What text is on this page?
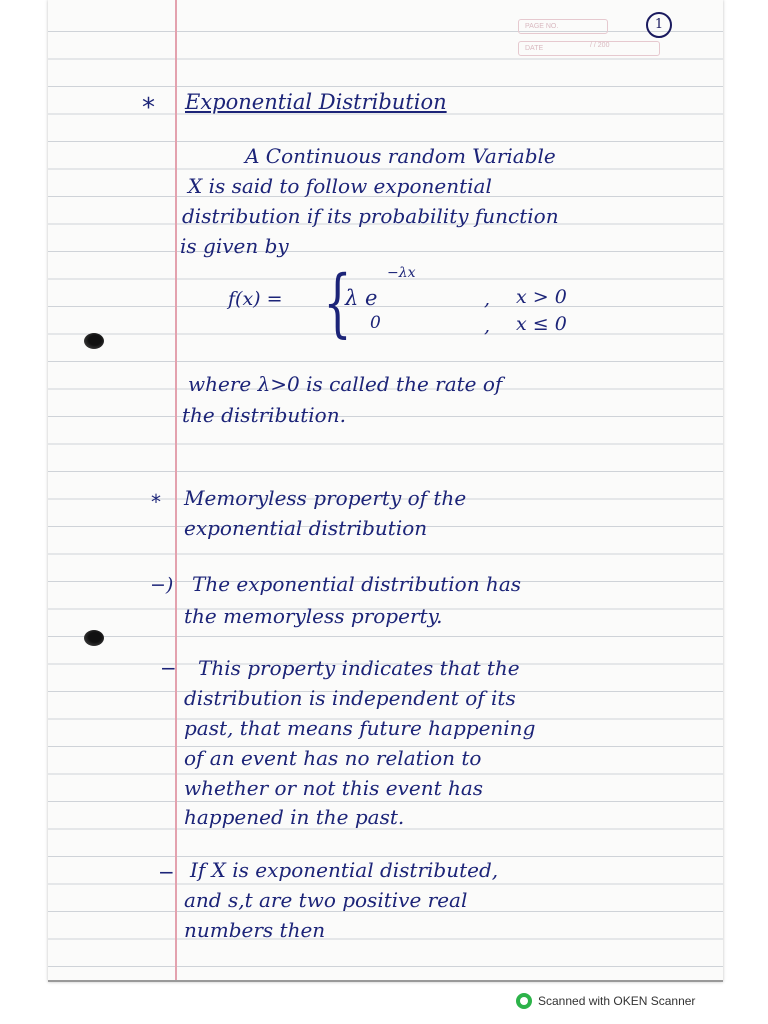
PAGE NO.
DATE	/ / 200
1
* Exponential Distribution
A Continuous random Variable
X is said to follow exponential
distribution if its probability function
is given by
f(x) = {
λ e
−λx
, x > 0
0	, x ≤ 0
where λ>0 is called the rate of
the distribution.
* Memoryless property of the
exponential distribution
−) The exponential distribution has
the memoryless property.
− This property indicates that the
distribution is independent of its
past, that means future happening
of an event has no relation to
whether or not this event has
happened in the past.
− If X is exponential distributed,
and s,t are two positive real
numbers then
Scanned with OKEN Scanner
